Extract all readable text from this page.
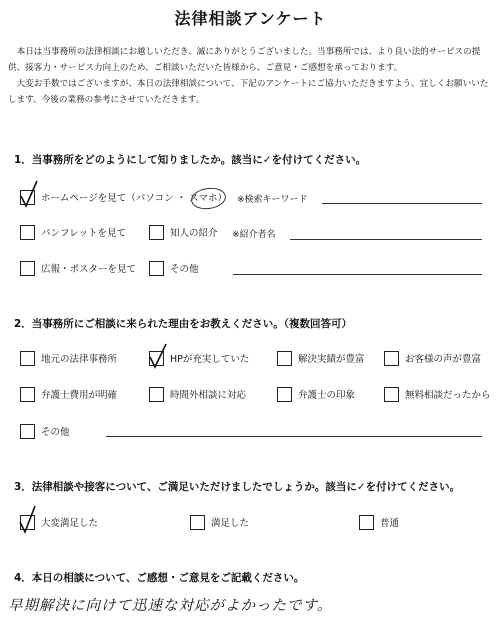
法律相談アンケート

本日は当事務所の法律相談にお越しいただき、誠にありがとうございました。当事務所では、より良い法的サービスの提供、接客力・サービス力向上のため、ご相談いただいた皆様から、ご意見・ご感想を承っております。

大変お手数ではございますが、本日の法律相談について、下記のアンケートにご協力いただきますよう、宜しくお願いいたします。今後の業務の参考にさせていただきます。

1．当事務所をどのようにして知りましたか。該当に✓を付けてください。
ホームページを見て（パソコン ・ スマホ） ※検索キーワード
パンフレットを見て	知人の紹介 ※紹介者名
広報・ポスターを見て	その他
2．当事務所にご相談に来られた理由をお教えください。（複数回答可）
地元の法律事務所	HPが充実していた	解決実績が豊富	お客様の声が豊富
弁護士費用が明確	時間外相談に対応	弁護士の印象	無料相談だったから
その他
3．法律相談や接客について、ご満足いただけましたでしょうか。該当に✓を付けてください。
大変満足した	満足した	普通
4．本日の相談について、ご感想・ご意見をご記載ください。
早期解決に向けて迅速な対応がよかったです。
